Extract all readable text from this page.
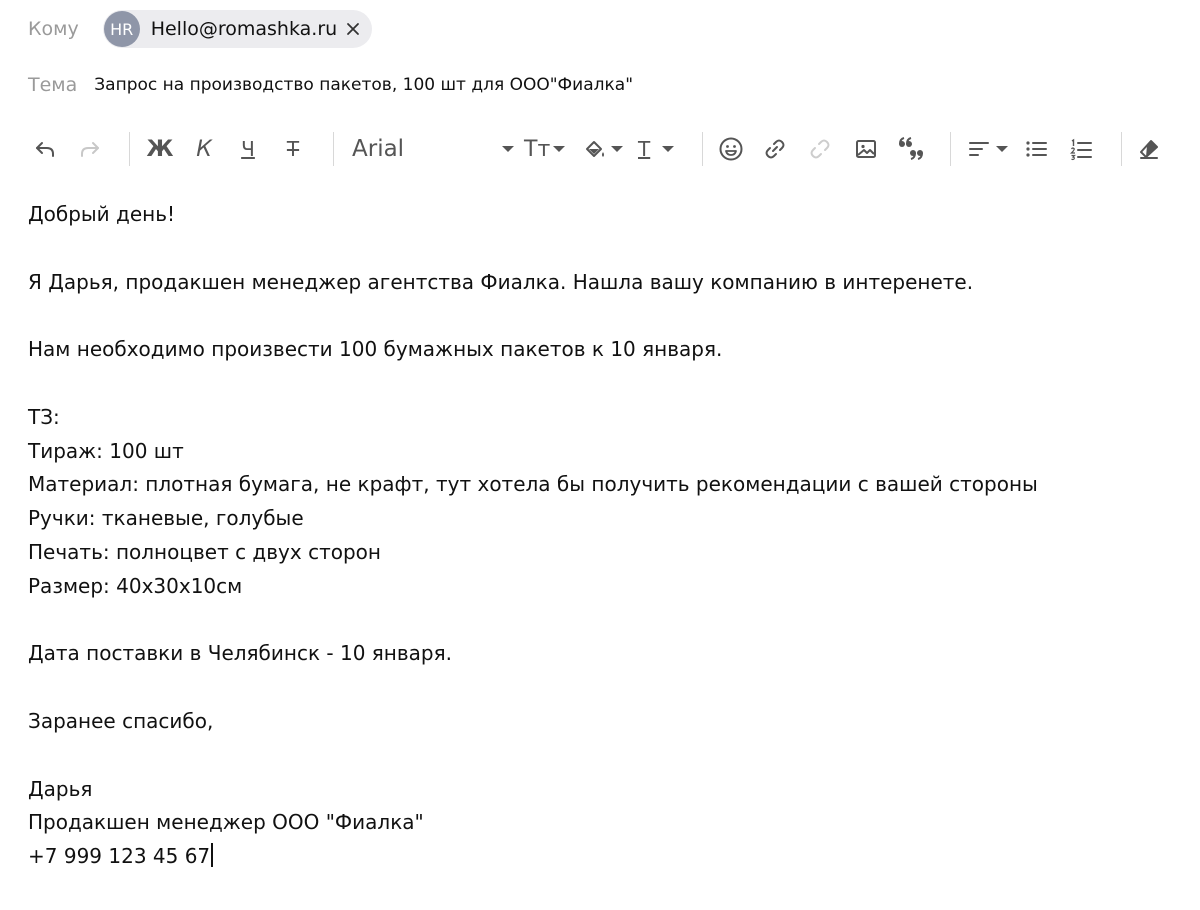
Кому	HR Hello@romashka.ru
Тема Запрос на производство пакетов, 100 шт для ООО"Фиалка"
Ж	К	Ч	Т	Arial	Тт	T
Добрый день!
Я Дарья, продакшен менеджер агентства Фиалка. Нашла вашу компанию в интеренете.
Нам необходимо произвести 100 бумажных пакетов к 10 января.
ТЗ:
Тираж: 100 шт
Материал: плотная бумага, не крафт, тут хотела бы получить рекомендации с вашей стороны
Ручки: тканевые, голубые
Печать: полноцвет с двух сторон
Размер: 40х30х10см
Дата поставки в Челябинск - 10 января.
Заранее спасибо,
Дарья
Продакшен менеджер ООО "Фиалка"
+7 999 123 45 67
